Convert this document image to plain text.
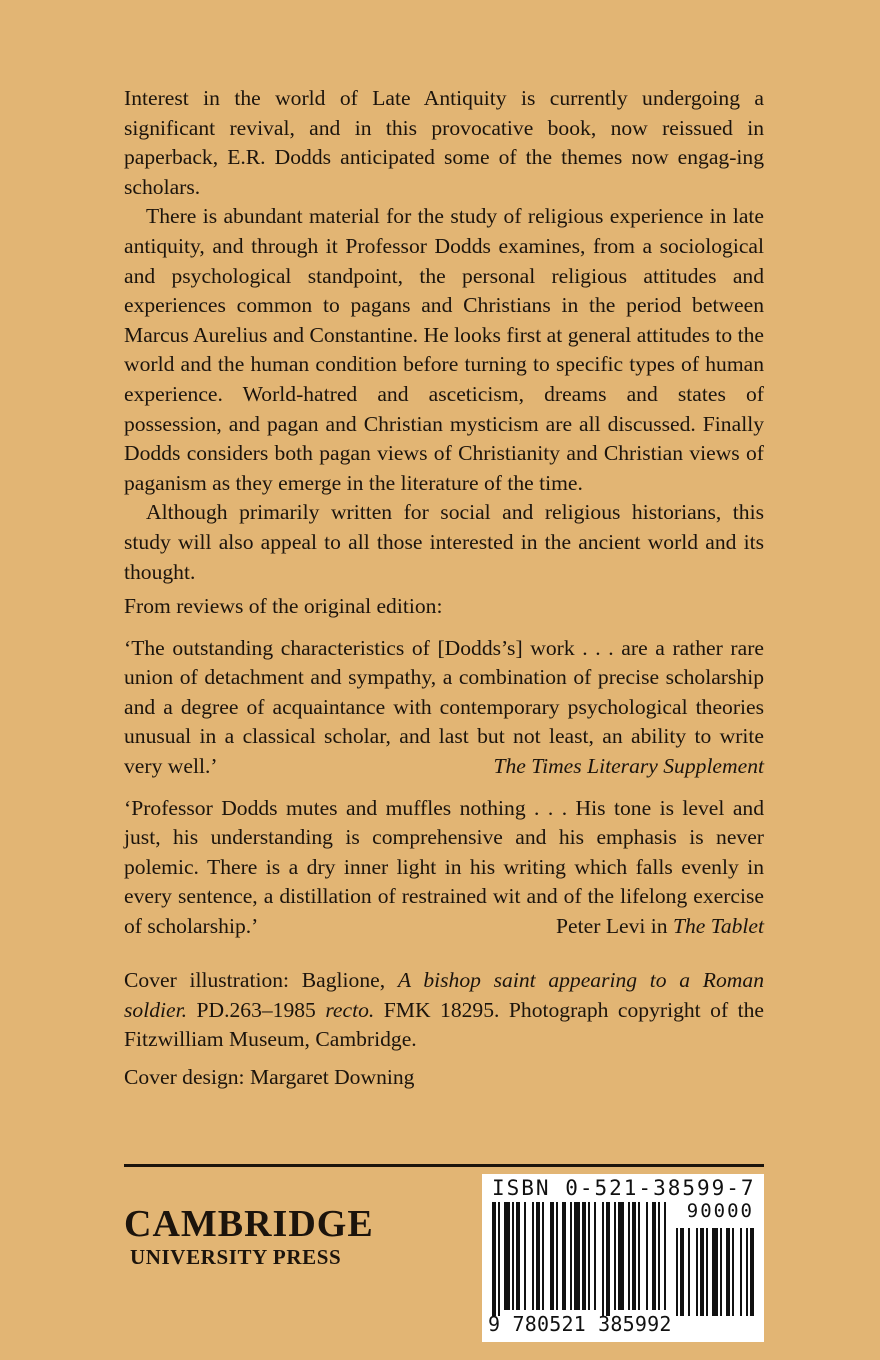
Interest in the world of Late Antiquity is currently undergoing a significant revival, and in this provocative book, now reissued in paperback, E.R. Dodds anticipated some of the themes now engag-ing scholars.

There is abundant material for the study of religious experience in late antiquity, and through it Professor Dodds examines, from a sociological and psychological standpoint, the personal religious attitudes and experiences common to pagans and Christians in the period between Marcus Aurelius and Constantine. He looks first at general attitudes to the world and the human condition before turning to specific types of human experience. World-hatred and asceticism, dreams and states of possession, and pagan and Christian mysticism are all discussed. Finally Dodds considers both pagan views of Christianity and Christian views of paganism as they emerge in the literature of the time.

Although primarily written for social and religious historians, this study will also appeal to all those interested in the ancient world and its thought.

From reviews of the original edition:

‘The outstanding characteristics of [Dodds’s] work . . . are a rather rare union of detachment and sympathy, a combination of precise scholarship and a degree of acquaintance with contemporary psychological theories unusual in a classical scholar, and last but not least, an ability to write very well.’	The Times Literary Supplement
‘Professor Dodds mutes and muffles nothing . . . His tone is level and just, his understanding is comprehensive and his emphasis is never polemic. There is a dry inner light in his writing which falls evenly in every sentence, a distillation of restrained wit and of the lifelong exercise of scholarship.’	Peter Levi in The Tablet

Cover illustration: Baglione, A bishop saint appearing to a Roman soldier. PD.263–1985 recto. FMK 18295. Photograph copyright of the Fitzwilliam Museum, Cambridge.

Cover design: Margaret Downing

CAMBRIDGE
UNIVERSITY PRESS
ISBN 0-521-38599-7
90000
9 780521 385992
